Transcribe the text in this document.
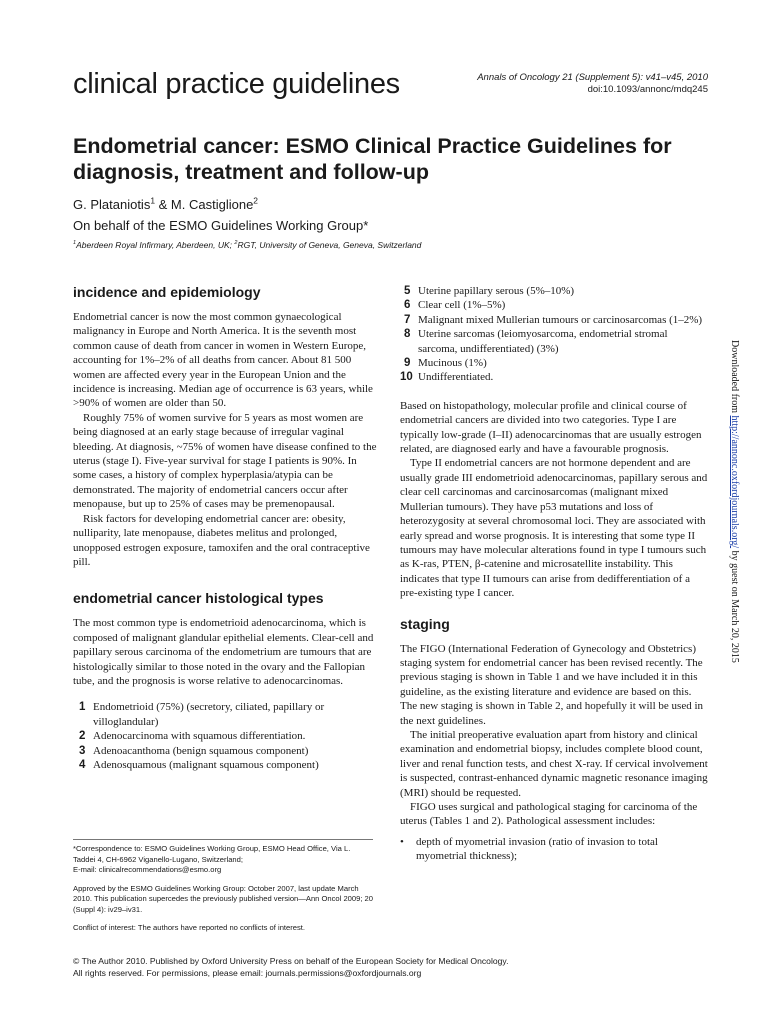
clinical practice guidelines	Annals of Oncology 21 (Supplement 5): v41–v45, 2010
doi:10.1093/annonc/mdq245
Endometrial cancer: ESMO Clinical Practice Guidelines for diagnosis, treatment and follow-up
G. Plataniotis$^1$ & M. Castiglione$^2$
On behalf of the ESMO Guidelines Working Group*
$^1$Aberdeen Royal Infirmary, Aberdeen, UK; $^2$RGT, University of Geneva, Geneva, Switzerland
incidence and epidemiology

Endometrial cancer is now the most common gynaecological malignancy in Europe and North America. It is the seventh most common cause of death from cancer in women in Western Europe, accounting for 1%–2% of all deaths from cancer. About 81 500 women are affected every year in the European Union and the incidence is increasing. Median age of occurrence is 63 years, while >90% of women are older than 50.

Roughly 75% of women survive for 5 years as most women are being diagnosed at an early stage because of irregular vaginal bleeding. At diagnosis, ~75% of women have disease confined to the uterus (stage I). Five-year survival for stage I patients is 90%. In some cases, a history of complex hyperplasia/atypia can be demonstrated. The majority of endometrial cancers occur after menopause, but up to 25% of cases may be premenopausal.

Risk factors for developing endometrial cancer are: obesity, nulliparity, late menopause, diabetes melitus and prolonged, unopposed estrogen exposure, tamoxifen and the oral contraceptive pill.

endometrial cancer histological types

The most common type is endometrioid adenocarcinoma, which is composed of malignant glandular epithelial elements. Clear-cell and papillary serous carcinoma of the endometrium are tumours that are histologically similar to those noted in the ovary and the Fallopian tube, and the prognosis is worse relative to adenocarcinomas.

1 Endometrioid (75%) (secretory, ciliated, papillary or villoglandular)
2 Adenocarcinoma with squamous differentiation.
3 Adenoacanthoma (benign squamous component)
4 Adenosquamous (malignant squamous component)
5 Uterine papillary serous (5%–10%)
6 Clear cell (1%–5%)
7 Malignant mixed Mullerian tumours or carcinosarcomas (1–2%)
8 Uterine sarcomas (leiomyosarcoma, endometrial stromal sarcoma, undifferentiated) (3%)
9 Mucinous (1%)
10 Undifferentiated.

Based on histopathology, molecular profile and clinical course of endometrial cancers are divided into two categories. Type I are typically low-grade (I–II) adenocarcinomas that are usually estrogen related, are diagnosed early and have a favourable prognosis.

Type II endometrial cancers are not hormone dependent and are usually grade III endometrioid adenocarcinomas, papillary serous and clear cell carcinomas and carcinosarcomas (malignant mixed Mullerian tumours). They have p53 mutations and loss of heterozygosity at several chromosomal loci. They are associated with early spread and worse prognosis. It is interesting that some type II tumours may have molecular alterations found in type I tumours such as K-ras, PTEN, β-catenine and microsatellite instability. This indicates that type II tumours can arise from dedifferentiation of a pre-existing type I cancer.

staging

The FIGO (International Federation of Gynecology and Obstetrics) staging system for endometrial cancer has been revised recently. The previous staging is shown in Table 1 and we have included it in this guideline, as the existing literature and evidence are based on this. The new staging is shown in Table 2, and hopefully it will be used in the next guidelines.

The initial preoperative evaluation apart from history and clinical examination and endometrial biopsy, includes complete blood count, liver and renal function tests, and chest X-ray. If cervical involvement is suspected, contrast-enhanced dynamic magnetic resonance imaging (MRI) should be requested.

FIGO uses surgical and pathological staging for carcinoma of the uterus (Tables 1 and 2). Pathological assessment includes:

• depth of myometrial invasion (ratio of invasion to total myometrial thickness);
*Correspondence to: ESMO Guidelines Working Group, ESMO Head Office, Via L. Taddei 4, CH-6962 Viganello-Lugano, Switzerland;
E-mail: clinicalrecommendations@esmo.org
Approved by the ESMO Guidelines Working Group: October 2007, last update March 2010. This publication supercedes the previously published version—Ann Oncol 2009; 20 (Suppl 4): iv29–iv31.
Conflict of interest: The authors have reported no conflicts of interest.
© The Author 2010. Published by Oxford University Press on behalf of the European Society for Medical Oncology.
All rights reserved. For permissions, please email: journals.permissions@oxfordjournals.org
Downloaded from http://annonc.oxfordjournals.org/ by guest on March 20, 2015
